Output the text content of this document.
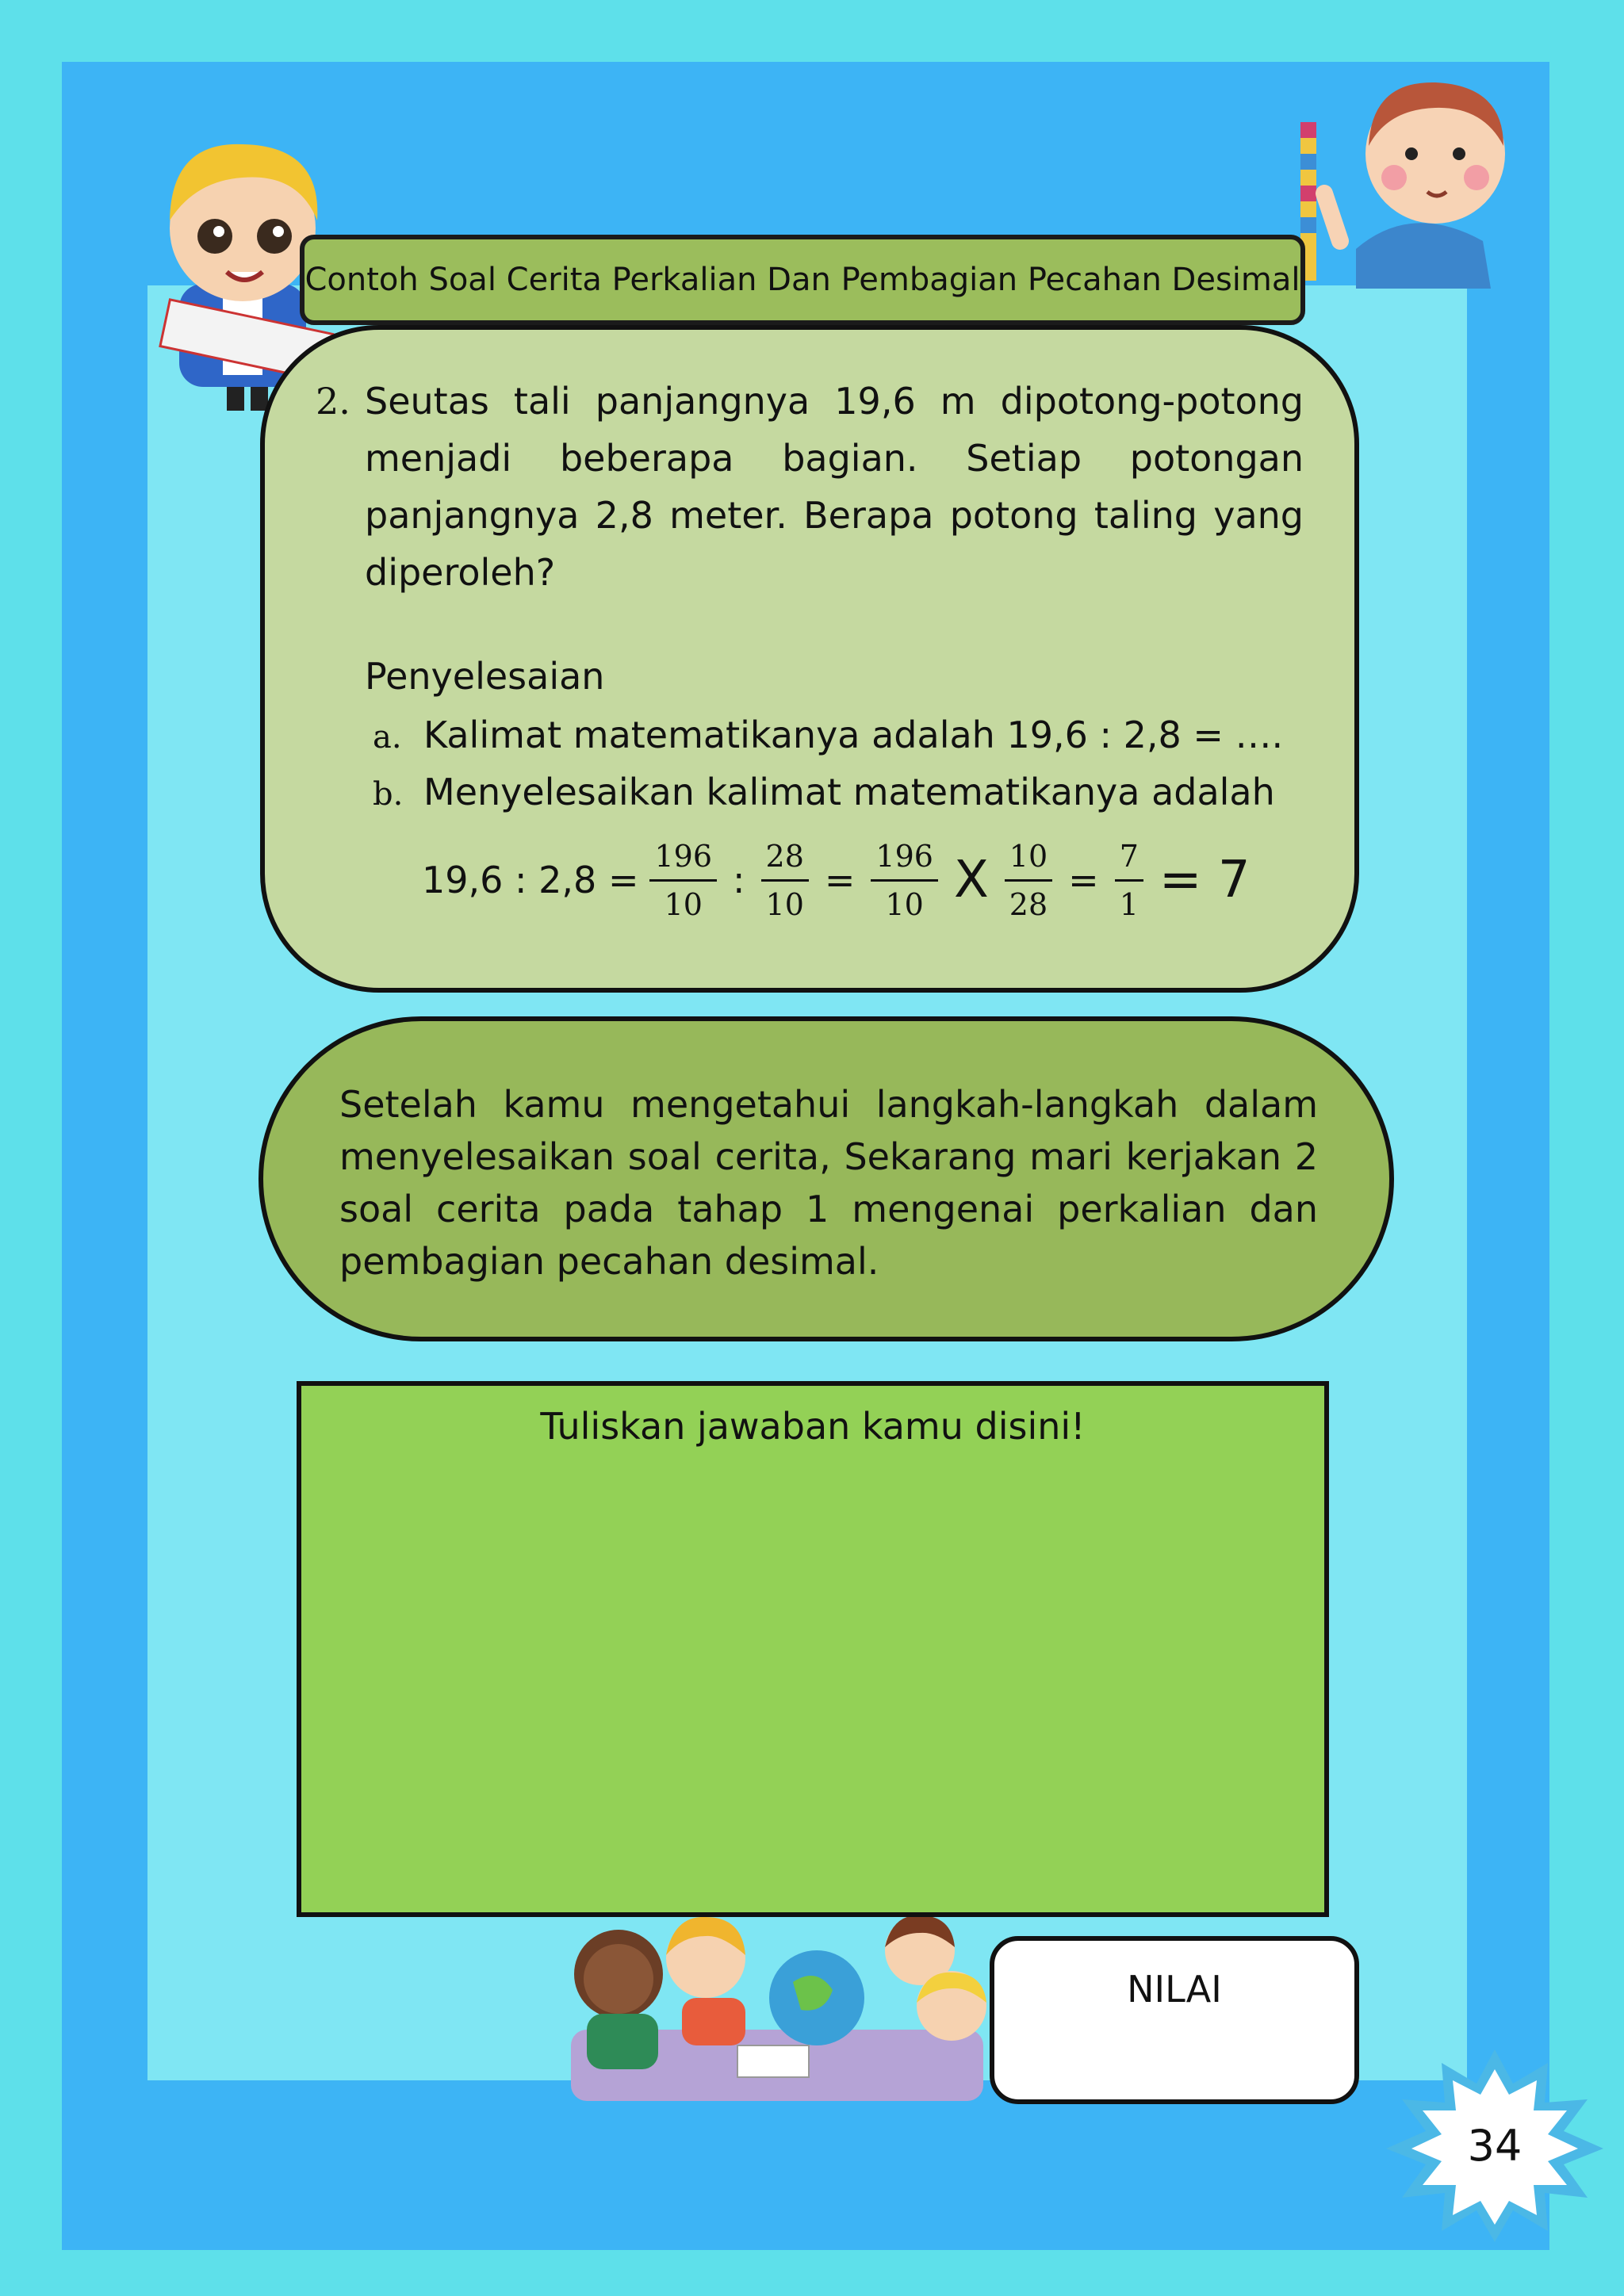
Contoh Soal Cerita Perkalian Dan Pembagian Pecahan Desimal
2. Seutas tali panjangnya 19,6 m dipotong-potong menjadi beberapa bagian. Setiap potongan panjangnya 2,8 meter. Berapa potong taling yang diperoleh?
Penyelesaian
a. Kalimat matematikanya adalah 19,6 : 2,8 = ….
b. Menyelesaikan kalimat matematikanya adalah
19,6 : $2,8 = \frac{196}{10}$ : $\frac{28}{10} = \frac{196}{10}$ X $\frac{10}{28} = \frac{7}{1} = 7$
Setelah kamu mengetahui langkah-langkah dalam menyelesaikan soal cerita, Sekarang mari kerjakan 2 soal cerita pada tahap 1 mengenai perkalian dan pembagian pecahan desimal.
Tuliskan jawaban kamu disini!
NILAI
34
